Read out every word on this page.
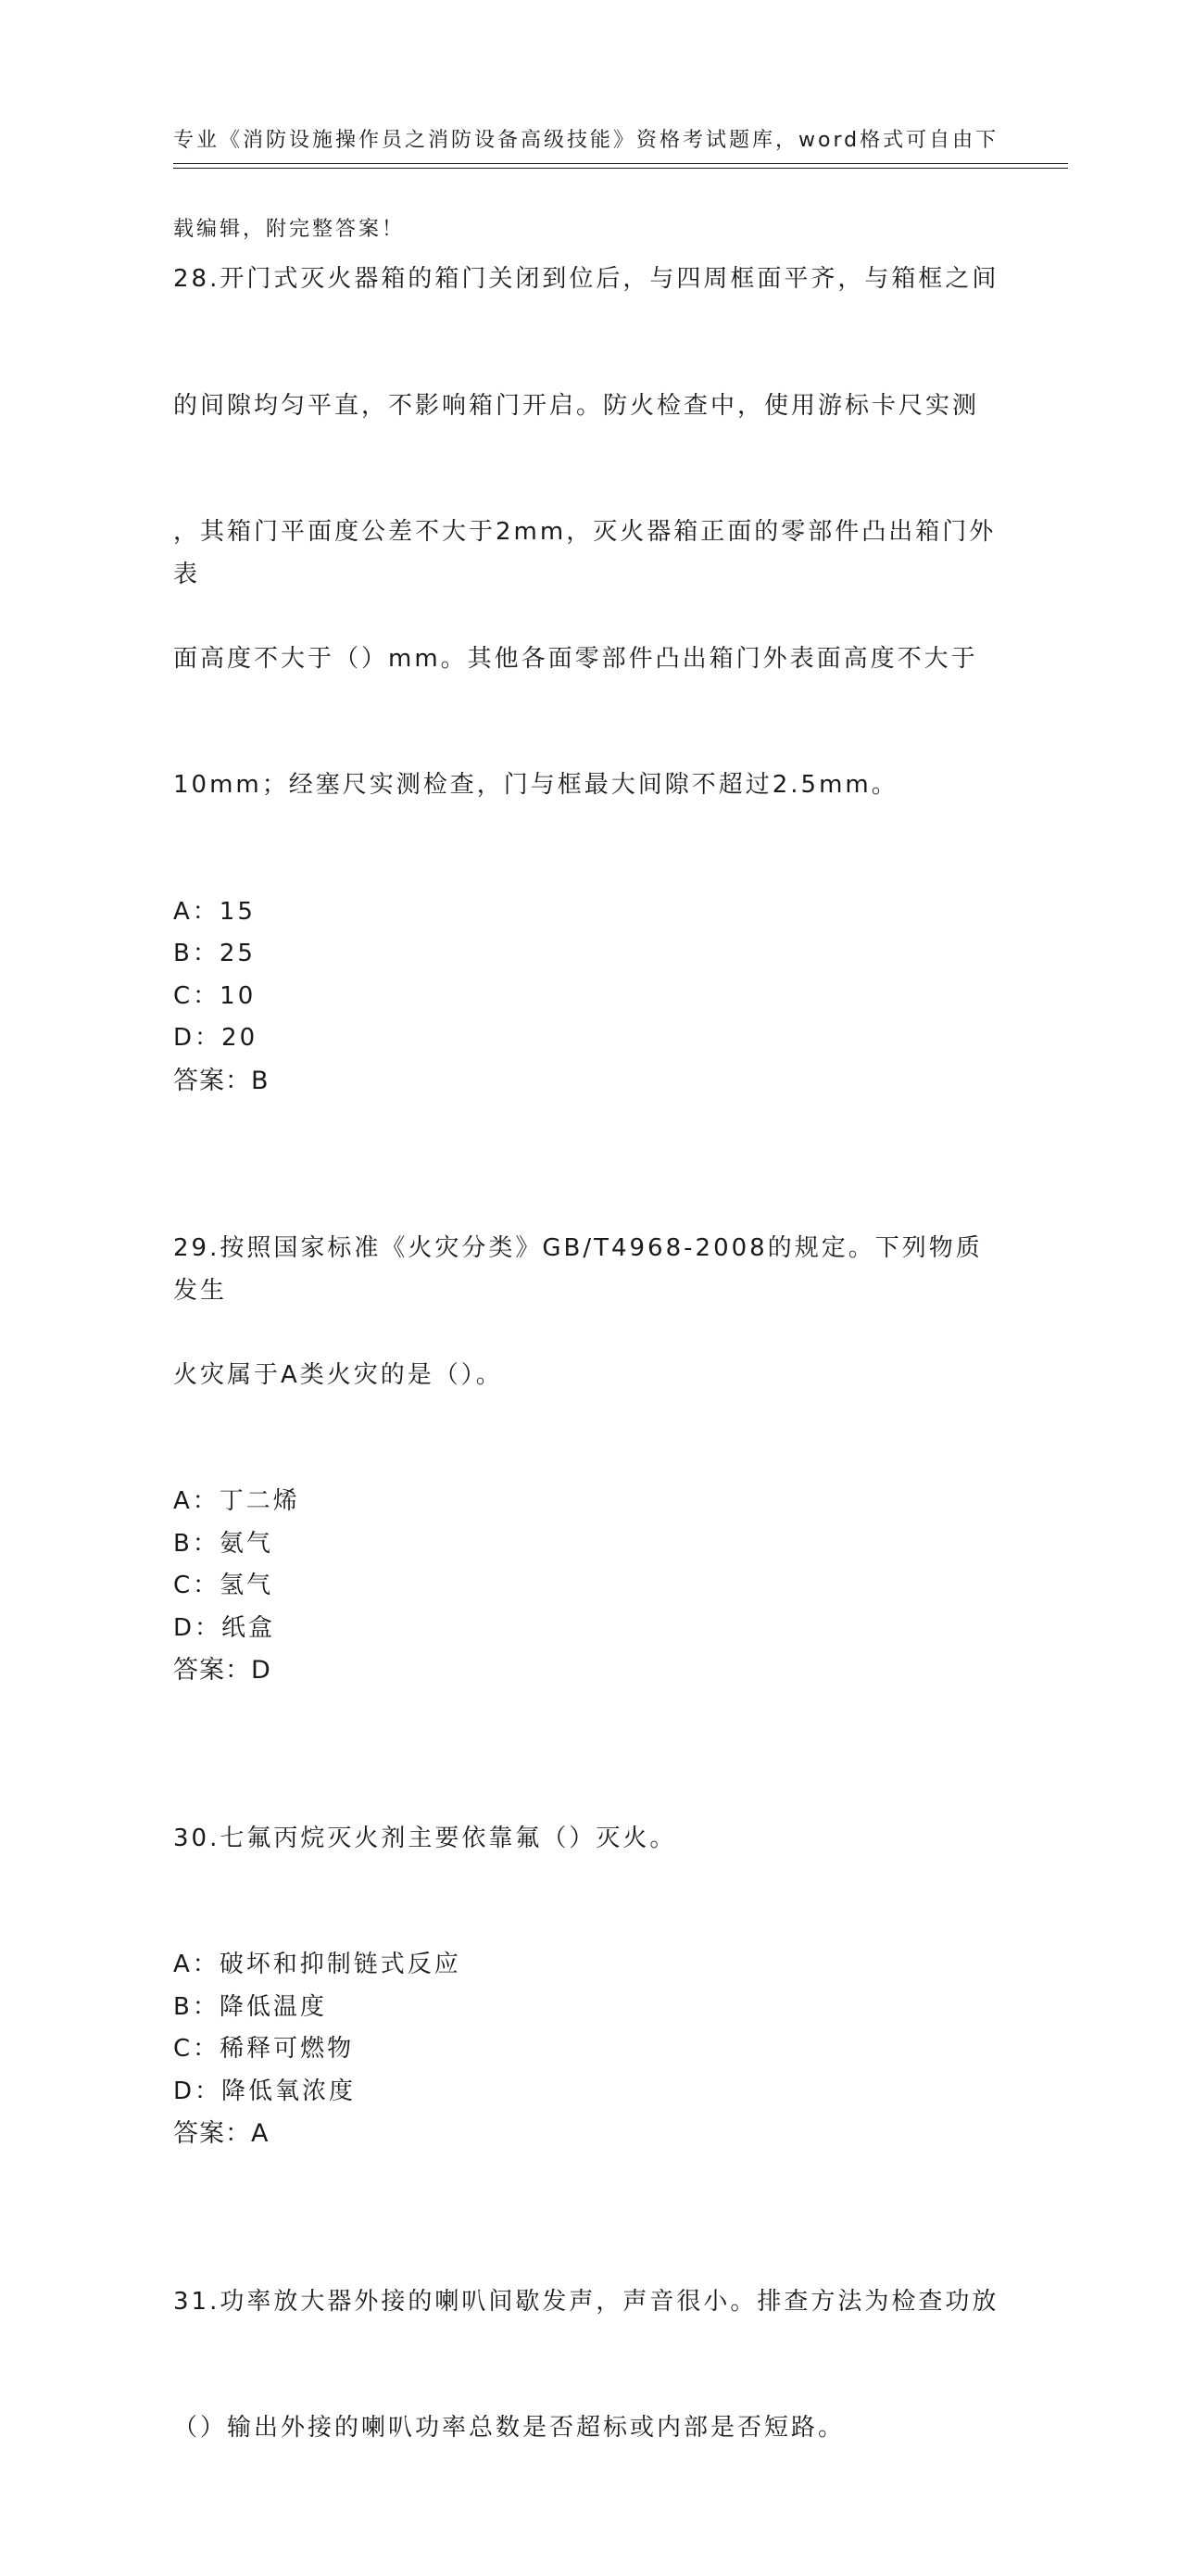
专业《消防设施操作员之消防设备高级技能》资格考试题库，word格式可自由下

载编辑，附完整答案！

28.开门式灭火器箱的箱门关闭到位后，与四周框面平齐，与箱框之间

的间隙均匀平直，不影响箱门开启。防火检查中，使用游标卡尺实测

，其箱门平面度公差不大于2mm，灭火器箱正面的零部件凸出箱门外表

面高度不大于（）mm。其他各面零部件凸出箱门外表面高度不大于

10mm；经塞尺实测检查，门与框最大间隙不超过2.5mm。

A：15
B：25
C：10
D：20
答案：B

29.按照国家标准《火灾分类》GB/T4968-2008的规定。下列物质发生

火灾属于A类火灾的是（）。

A：丁二烯
B：氨气
C：氢气
D：纸盒
答案：D

30.七氟丙烷灭火剂主要依靠氟（）灭火。

A：破坏和抑制链式反应
B：降低温度
C：稀释可燃物
D：降低氧浓度
答案：A

31.功率放大器外接的喇叭间歇发声，声音很小。排查方法为检查功放

（）输出外接的喇叭功率总数是否超标或内部是否短路。
